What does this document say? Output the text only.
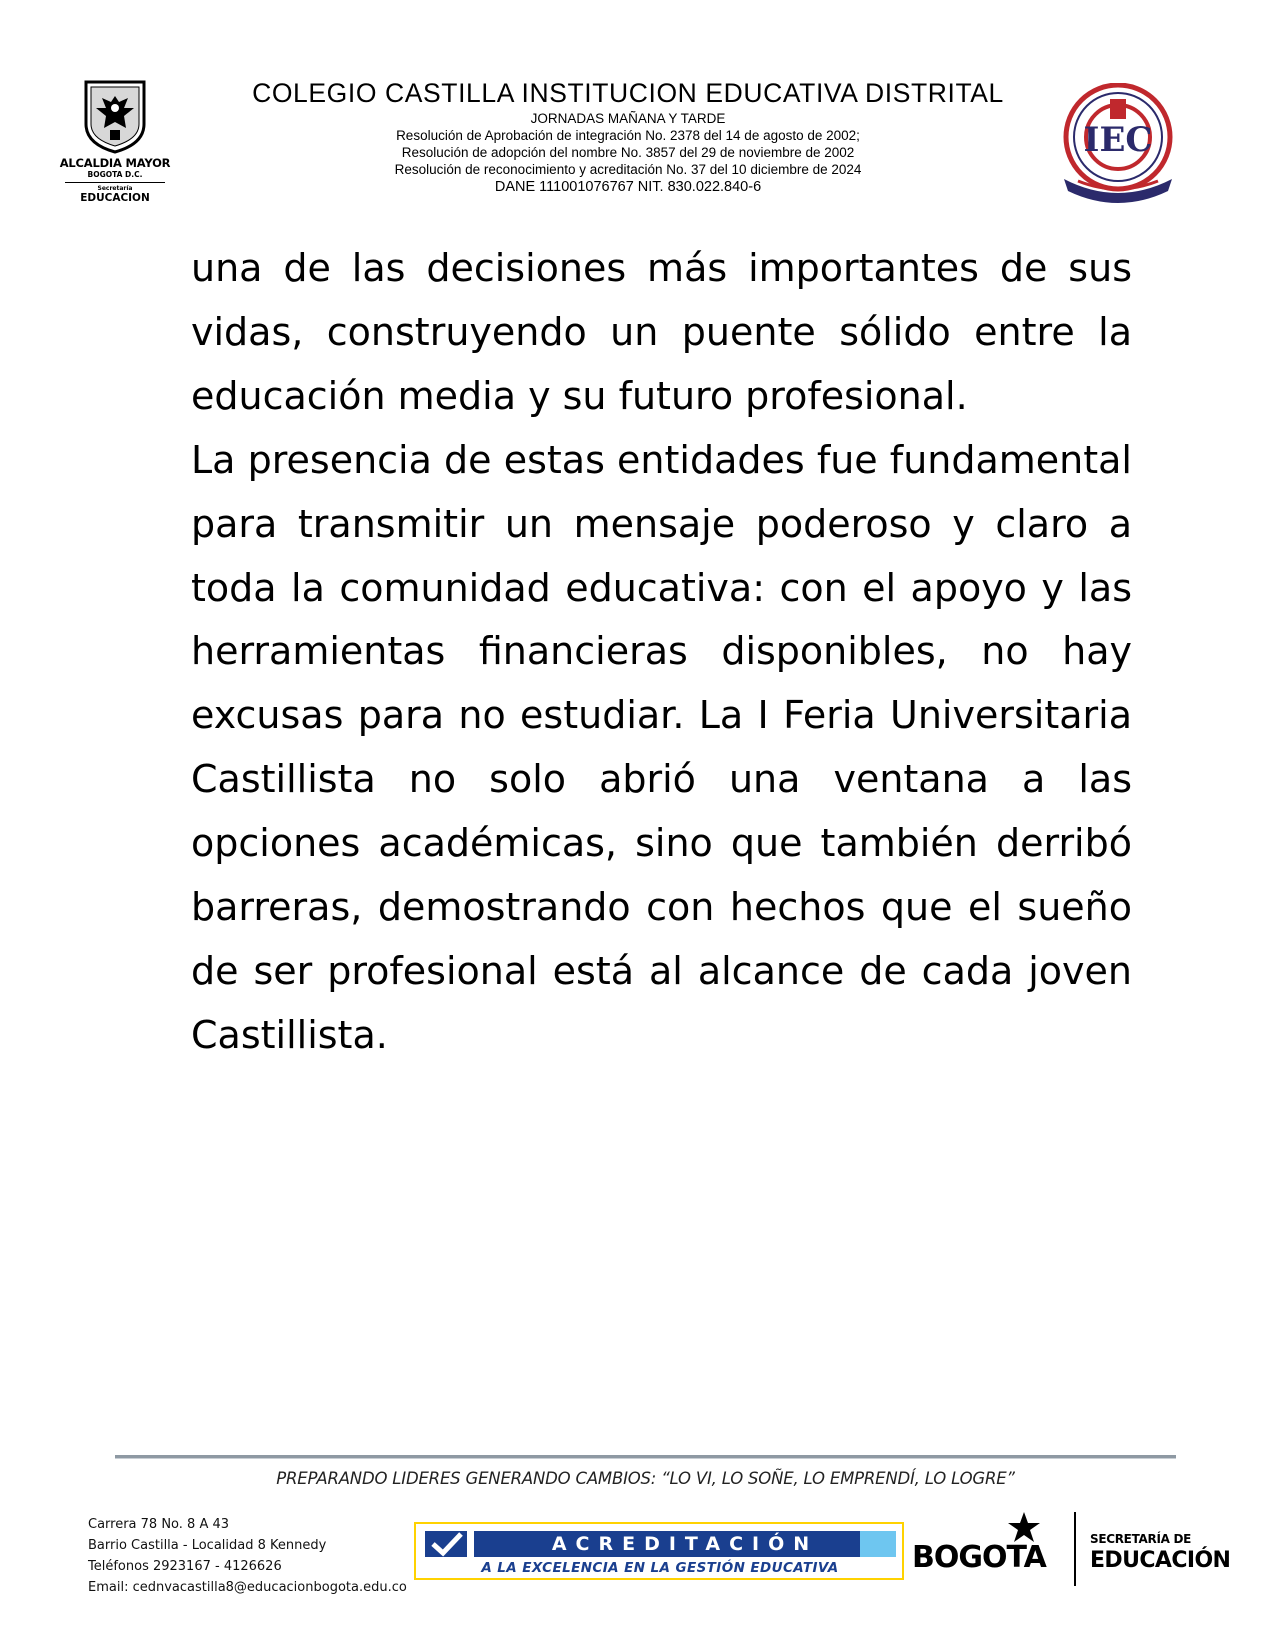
ALCALDIA MAYOR
BOGOTA D.C.
Secretaría
EDUCACION
COLEGIO CASTILLA INSTITUCION EDUCATIVA DISTRITAL
JORNADAS MAÑANA Y TARDE
Resolución de Aprobación de integración No. 2378 del 14 de agosto de 2002;
Resolución de adopción del nombre No. 3857 del 29 de noviembre de 2002
Resolución de reconocimiento y acreditación No. 37 del 10 diciembre de 2024
DANE 111001076767 NIT. 830.022.840-6
IEC

una de las decisiones más importantes de sus vidas, construyendo un puente sólido entre la educación media y su futuro profesional.

La presencia de estas entidades fue fundamental para transmitir un mensaje poderoso y claro a toda la comunidad educativa: con el apoyo y las herramientas financieras disponibles, no hay excusas para no estudiar. La I Feria Universitaria Castillista no solo abrió una ventana a las opciones académicas, sino que también derribó barreras, demostrando con hechos que el sueño de ser profesional está al alcance de cada joven Castillista.

PREPARANDO LIDERES GENERANDO CAMBIOS: “LO VI, LO SOÑE, LO EMPRENDÍ, LO LOGRE”
Carrera 78 No. 8 A 43
Barrio Castilla - Localidad 8 Kennedy
Teléfonos 2923167 - 4126626
Email: cednvacastilla8@educacionbogota.edu.co
ACREDITACIÓN
A LA EXCELENCIA EN LA GESTIÓN EDUCATIVA	BOGOTA
SECRETARÍA DE
EDUCACIÓN
